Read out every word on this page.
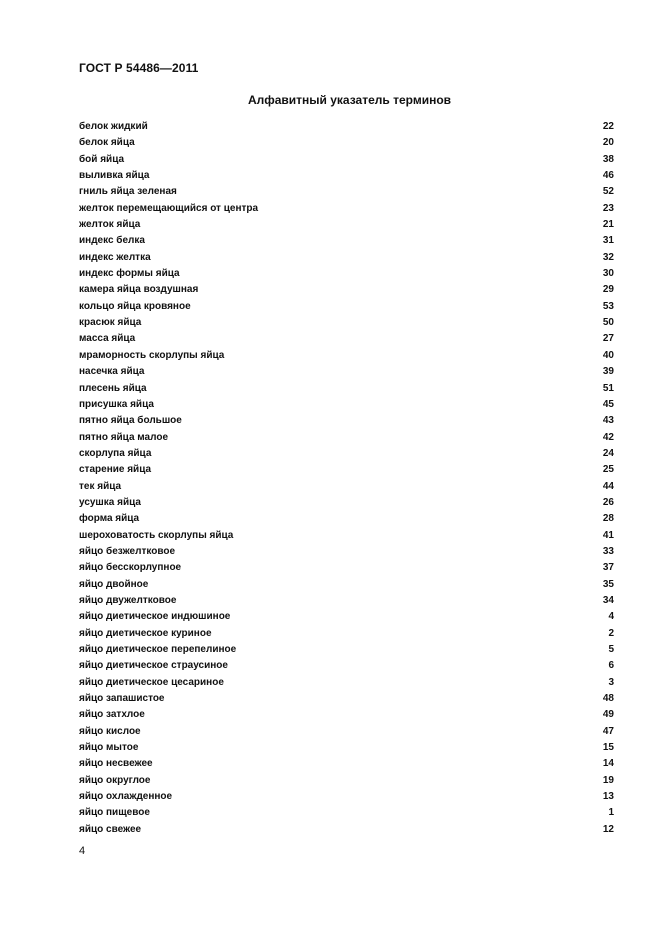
ГОСТ Р 54486—2011
Алфавитный указатель терминов
белок жидкий	22
белок яйца	20
бой яйца	38
выливка яйца	46
гниль яйца зеленая	52
желток перемещающийся от центра	23
желток яйца	21
индекс белка	31
индекс желтка	32
индекс формы яйца	30
камера яйца воздушная	29
кольцо яйца кровяное	53
красюк яйца	50
масса яйца	27
мраморность скорлупы яйца	40
насечка яйца	39
плесень яйца	51
присушка яйца	45
пятно яйца большое	43
пятно яйца малое	42
скорлупа яйца	24
старение яйца	25
тек яйца	44
усушка яйца	26
форма яйца	28
шероховатость скорлупы яйца	41
яйцо безжелтковое	33
яйцо бесскорлупное	37
яйцо двойное	35
яйцо двужелтковое	34
яйцо диетическое индюшиное	4
яйцо диетическое куриное	2
яйцо диетическое перепелиное	5
яйцо диетическое страусиное	6
яйцо диетическое цесариное	3
яйцо запашистое	48
яйцо затхлое	49
яйцо кислое	47
яйцо мытое	15
яйцо несвежее	14
яйцо округлое	19
яйцо охлажденное	13
яйцо пищевое	1
яйцо свежее	12
4
